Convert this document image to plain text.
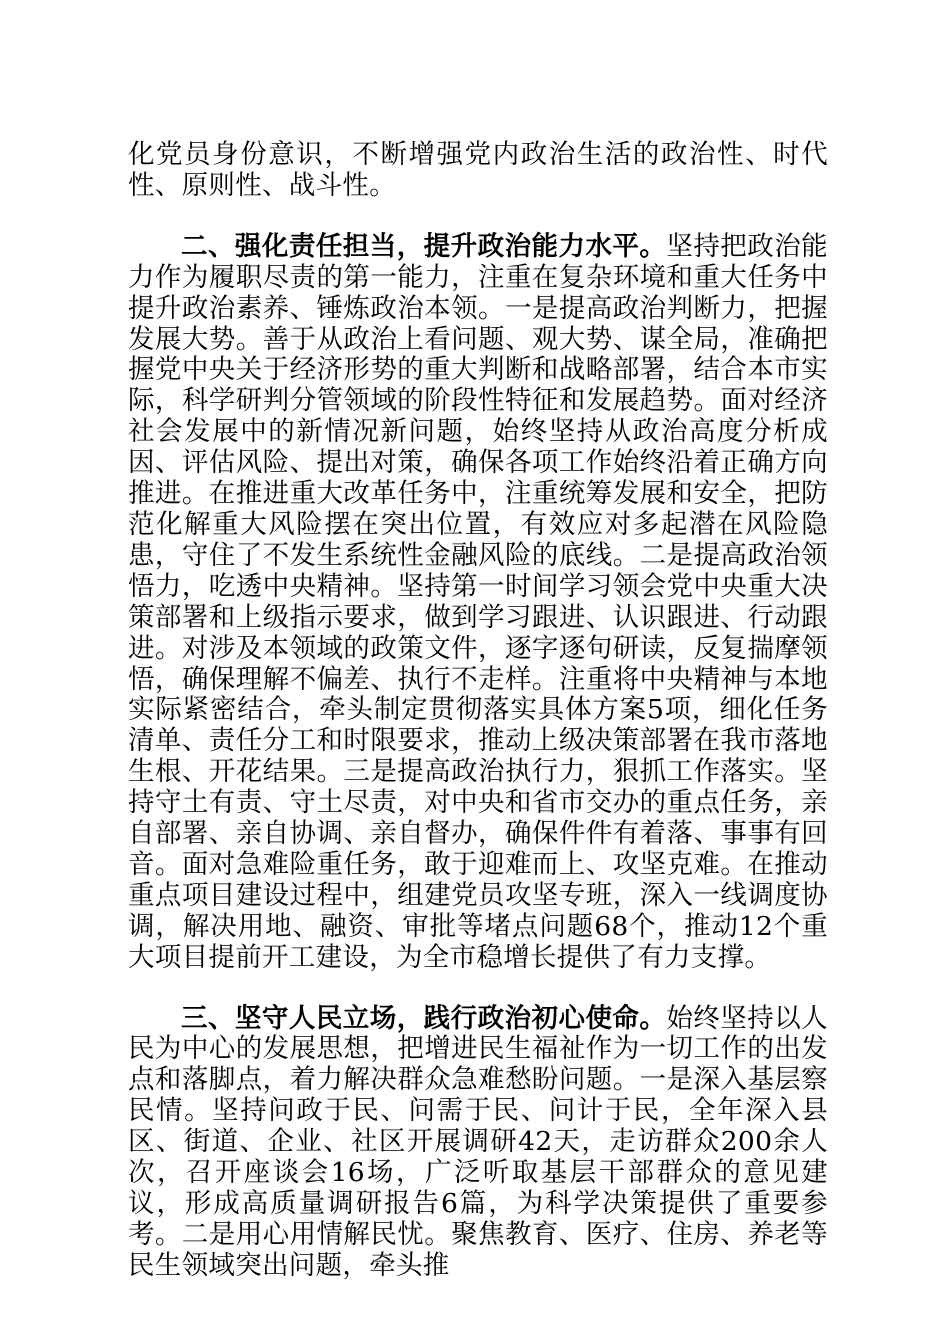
化党员身份意识，不断增强党内政治生活的政治性、时代性、原则性、战斗性。

二、强化责任担当，提升政治能力水平。坚持把政治能力作为履职尽责的第一能力，注重在复杂环境和重大任务中提升政治素养、锤炼政治本领。一是提高政治判断力，把握发展大势。善于从政治上看问题、观大势、谋全局，准确把握党中央关于经济形势的重大判断和战略部署，结合本市实际，科学研判分管领域的阶段性特征和发展趋势。面对经济社会发展中的新情况新问题，始终坚持从政治高度分析成因、评估风险、提出对策，确保各项工作始终沿着正确方向推进。在推进重大改革任务中，注重统筹发展和安全，把防范化解重大风险摆在突出位置，有效应对多起潜在风险隐患，守住了不发生系统性金融风险的底线。二是提高政治领悟力，吃透中央精神。坚持第一时间学习领会党中央重大决策部署和上级指示要求，做到学习跟进、认识跟进、行动跟进。对涉及本领域的政策文件，逐字逐句研读，反复揣摩领悟，确保理解不偏差、执行不走样。注重将中央精神与本地实际紧密结合，牵头制定贯彻落实具体方案5项，细化任务清单、责任分工和时限要求，推动上级决策部署在我市落地生根、开花结果。三是提高政治执行力，狠抓工作落实。坚持守土有责、守土尽责，对中央和省市交办的重点任务，亲自部署、亲自协调、亲自督办，确保件件有着落、事事有回音。面对急难险重任务，敢于迎难而上、攻坚克难。在推动重点项目建设过程中，组建党员攻坚专班，深入一线调度协调，解决用地、融资、审批等堵点问题68个，推动12个重大项目提前开工建设，为全市稳增长提供了有力支撑。

三、坚守人民立场，践行政治初心使命。始终坚持以人民为中心的发展思想，把增进民生福祉作为一切工作的出发点和落脚点，着力解决群众急难愁盼问题。一是深入基层察民情。坚持问政于民、问需于民、问计于民，全年深入县区、街道、企业、社区开展调研42天，走访群众200余人次，召开座谈会16场，广泛听取基层干部群众的意见建议，形成高质量调研报告6篇，为科学决策提供了重要参考。二是用心用情解民忧。聚焦教育、医疗、住房、养老等民生领域突出问题，牵头推
